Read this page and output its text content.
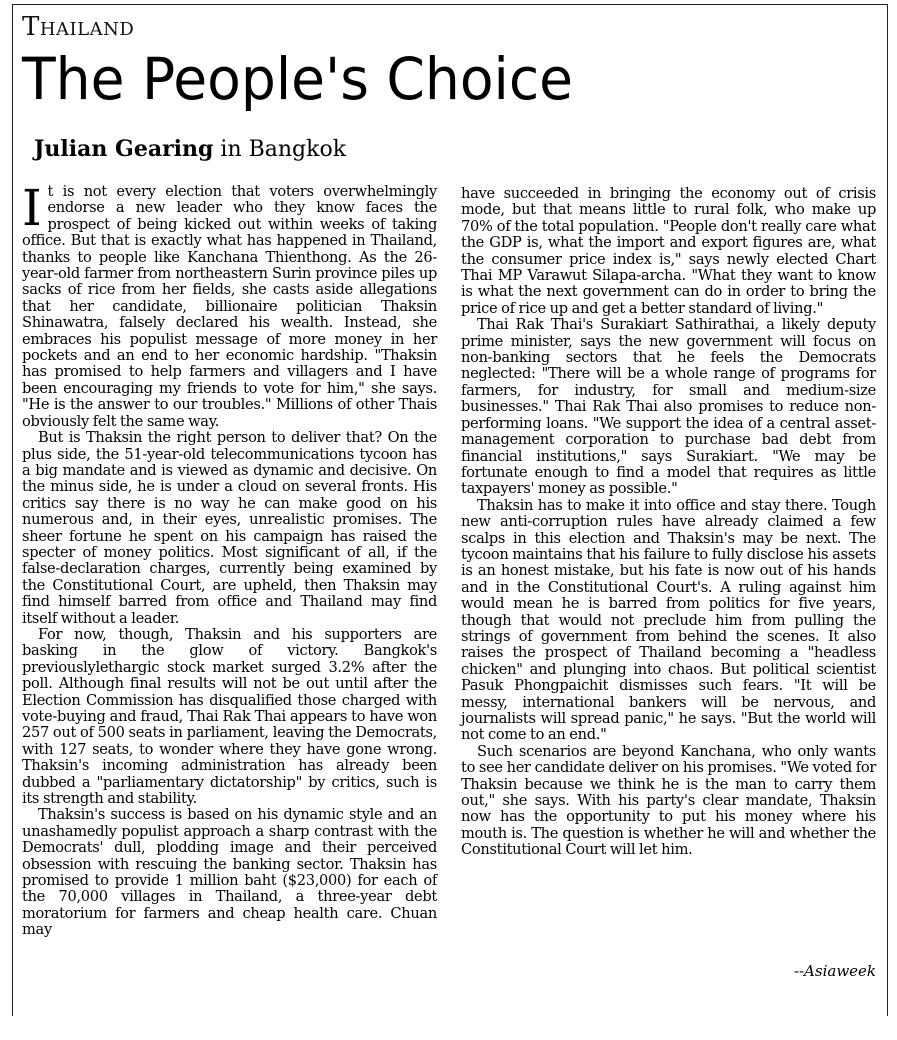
Thailand
The People's Choice
Julian Gearing in Bangkok

It is not every election that voters overwhelmingly endorse a new leader who they know faces the prospect of being kicked out within weeks of taking office. But that is exactly what has happened in Thailand, thanks to people like Kanchana Thienthong. As the 26-year-old farmer from northeastern Surin province piles up sacks of rice from her fields, she casts aside allegations that her candidate, billionaire politician Thaksin Shinawatra, falsely declared his wealth. Instead, she embraces his populist message of more money in her pockets and an end to her economic hardship. "Thaksin has promised to help farmers and villagers and I have been encouraging my friends to vote for him," she says. "He is the answer to our troubles." Millions of other Thais obviously felt the same way.

But is Thaksin the right person to deliver that? On the plus side, the 51-year-old telecommunications tycoon has a big mandate and is viewed as dynamic and decisive. On the minus side, he is under a cloud on several fronts. His critics say there is no way he can make good on his numerous and, in their eyes, unrealistic promises. The sheer fortune he spent on his campaign has raised the specter of money politics. Most significant of all, if the false-declaration charges, currently being examined by the Constitutional Court, are upheld, then Thaksin may find himself barred from office and Thailand may find itself without a leader.

For now, though, Thaksin and his supporters are basking in the glow of victory. Bangkok's previouslylethargic stock market surged 3.2% after the poll. Although final results will not be out until after the Election Commission has disqualified those charged with vote-buying and fraud, Thai Rak Thai appears to have won 257 out of 500 seats in parliament, leaving the Democrats, with 127 seats, to wonder where they have gone wrong. Thaksin's incoming administration has already been dubbed a "parliamentary dictatorship" by critics, such is its strength and stability.

Thaksin's success is based on his dynamic style and an unashamedly populist approach a sharp contrast with the Democrats' dull, plodding image and their perceived obsession with rescuing the banking sector. Thaksin has promised to provide 1 million baht ($23,000) for each of the 70,000 villages in Thailand, a three-year debt moratorium for farmers and cheap health care. Chuan may

have succeeded in bringing the economy out of crisis mode, but that means little to rural folk, who make up 70% of the total population. "People don't really care what the GDP is, what the import and export figures are, what the consumer price index is," says newly elected Chart Thai MP Varawut Silapa-archa. "What they want to know is what the next government can do in order to bring the price of rice up and get a better standard of living."

Thai Rak Thai's Surakiart Sathirathai, a likely deputy prime minister, says the new government will focus on non-banking sectors that he feels the Democrats neglected: "There will be a whole range of programs for farmers, for industry, for small and medium-size businesses." Thai Rak Thai also promises to reduce non-performing loans. "We support the idea of a central asset-management corporation to purchase bad debt from financial institutions," says Surakiart. "We may be fortunate enough to find a model that requires as little taxpayers' money as possible."

Thaksin has to make it into office and stay there. Tough new anti-corruption rules have already claimed a few scalps in this election and Thaksin's may be next. The tycoon maintains that his failure to fully disclose his assets is an honest mistake, but his fate is now out of his hands and in the Constitutional Court's. A ruling against him would mean he is barred from politics for five years, though that would not preclude him from pulling the strings of government from behind the scenes. It also raises the prospect of Thailand becoming a "headless chicken" and plunging into chaos. But political scientist Pasuk Phongpaichit dismisses such fears. "It will be messy, international bankers will be nervous, and journalists will spread panic," he says. "But the world will not come to an end."

Such scenarios are beyond Kanchana, who only wants to see her candidate deliver on his promises. "We voted for Thaksin because we think he is the man to carry them out," she says. With his party's clear mandate, Thaksin now has the opportunity to put his money where his mouth is. The question is whether he will and whether the Constitutional Court will let him.

--Asiaweek
